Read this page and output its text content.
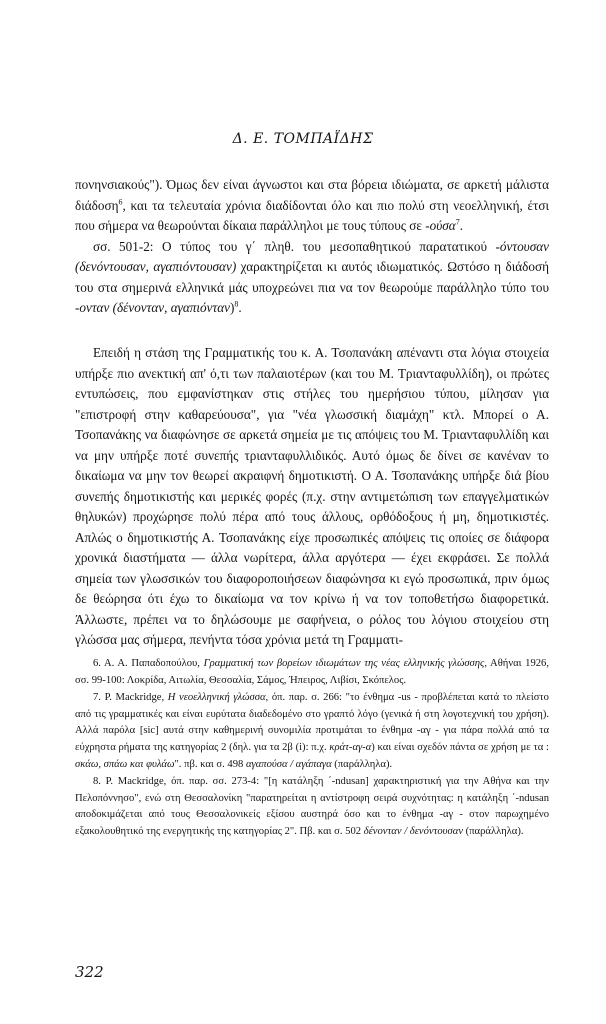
Δ. Ε. ΤΟΜΠΑΪΔΗΣ

πονηνσιακούς"). Όμως δεν είναι άγνωστοι και στα βόρεια ιδιώματα, σε αρκετή μάλιστα διάδοση$^6$, και τα τελευταία χρόνια διαδίδονται όλο και πιο πολύ στη νεοελληνική, έτσι που σήμερα να θεωρούνται δίκαια παράλληλοι με τους τύπους σε -ούσα$^7$.

σσ. 501-2: Ο τύπος του γ΄ πληθ. του μεσοπαθητικού παρατατικού -όντουσαν (δενόντουσαν, αγαπιόντουσαν) χαρακτηρίζεται κι αυτός ιδιωματικός. Ωστόσο η διάδοσή του στα σημερινά ελληνικά μάς υποχρεώνει πια να τον θεωρούμε παράλληλο τύπο του -ονταν (δένονταν, αγαπιόνταν)$^8$.

Επειδή η στάση της Γραμματικής του κ. Α. Τσοπανάκη απέναντι στα λόγια στοιχεία υπήρξε πιο ανεκτική απ' ό,τι των παλαιοτέρων (και του Μ. Τριανταφυλλίδη), οι πρώτες εντυπώσεις, που εμφανίστηκαν στις στήλες του ημερήσιου τύπου, μίλησαν για "επιστροφή στην καθαρεύουσα", για "νέα γλωσσική διαμάχη" κτλ. Μπορεί ο Α. Τσοπανάκης να διαφώνησε σε αρκετά σημεία με τις απόψεις του Μ. Τριανταφυλλίδη και να μην υπήρξε ποτέ συνεπής τριανταφυλλιδικός. Αυτό όμως δε δίνει σε κανέναν το δικαίωμα να μην τον θεωρεί ακραιφνή δημοτικιστή. Ο Α. Τσοπανάκης υπήρξε διά βίου συνεπής δημοτικιστής και μερικές φορές (π.χ. στην αντιμετώπιση των επαγγελματικών θηλυκών) προχώρησε πολύ πέρα από τους άλλους, ορθόδοξους ή μη, δημοτικιστές. Απλώς ο δημοτικιστής Α. Τσοπανάκης είχε προσωπικές απόψεις τις οποίες σε διάφορα χρονικά διαστήματα — άλλα νωρίτερα, άλλα αργότερα — έχει εκφράσει. Σε πολλά σημεία των γλωσσικών του διαφοροποιήσεων διαφώνησα κι εγώ προσωπικά, πριν όμως δε θεώρησα ότι έχω το δικαίωμα να τον κρίνω ή να τον τοποθετήσω διαφορετικά. Άλλωστε, πρέπει να το δηλώσουμε με σαφήνεια, ο ρόλος του λόγιου στοιχείου στη γλώσσα μας σήμερα, πενήντα τόσα χρόνια μετά τη Γραμματι-

6. Α. Α. Παπαδοπούλου, Γραμματική των βορείων ιδιωμάτων της νέας ελληνικής γλώσσης, Αθήναι 1926, σσ. 99-100: Λοκρίδα, Αιτωλία, Θεσσαλία, Σάμος, Ήπειρος, Λιβίσι, Σκόπελος.

7. P. Mackridge, Η νεοελληνική γλώσσα, όπ. παρ. σ. 266: "το ένθημα -us - προβλέπεται κατά το πλείστο από τις γραμματικές και είναι ευρύτατα διαδεδομένο στο γραπτό λόγο (γενικά ή στη λογοτεχνική του χρήση). Αλλά παρόλα [sic] αυτά στην καθημερινή συνομιλία προτιμάται το ένθημα -αγ - για πάρα πολλά από τα εύχρηστα ρήματα της κατηγορίας 2 (δηλ. για τα 2β (i): π.χ. κράτ-αγ-α) και είναι σχεδόν πάντα σε χρήση με τα : σκάω, σπάω και φυλάω". πβ. και σ. 498 αγαπούσα / αγάπαγα (παράλληλα).

8. P. Mackridge, όπ. παρ. σσ. 273-4: "[η κατάληξη ΄-ndusan] χαρακτηριστική για την Αθήνα και την Πελοπόννησο", ενώ στη Θεσσαλονίκη "παρατηρείται η αντίστροφη σειρά συχνότητας: η κατάληξη ΄-ndusan αποδοκιμάζεται από τους Θεσσαλονικείς εξίσου αυστηρά όσο και το ένθημα -αγ - στον παρωχημένο εξακολουθητικό της ενεργητικής της κατηγορίας 2". Πβ. και σ. 502 δένονταν / δενόντουσαν (παράλληλα).

322
